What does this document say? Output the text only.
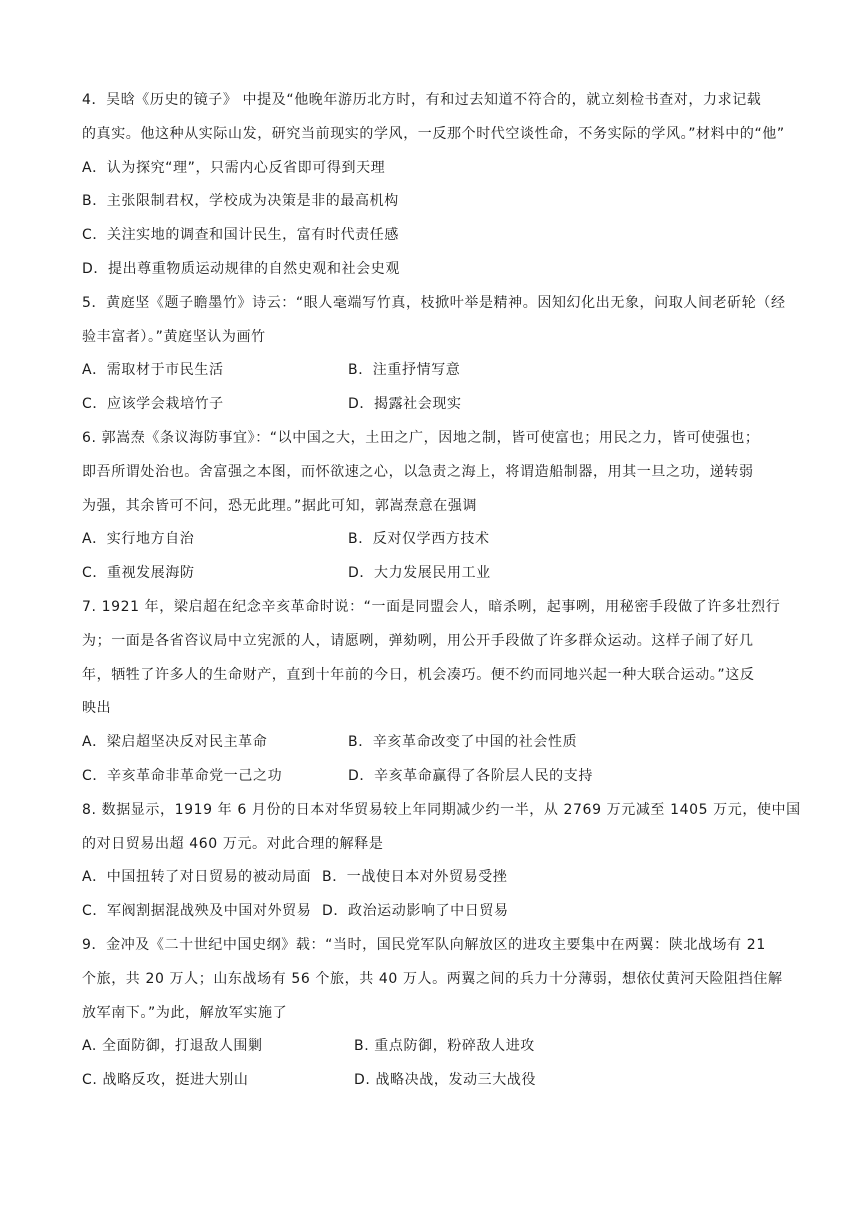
4．吴晗《历史的镜子》 中提及“他晚年游历北方时，有和过去知道不符合的，就立刻检书查对，力求记载
的真实。他这种从实际山发，研究当前现实的学风，一反那个时代空谈性命，不务实际的学风。”材料中的“他”
A．认为探究“理”，只需内心反省即可得到天理
B．主张限制君权，学校成为决策是非的最高机构
C．关注实地的调查和国计民生，富有时代责任感
D．提出尊重物质运动规律的自然史观和社会史观
5．黄庭坚《题子瞻墨竹》诗云：“眼人毫端写竹真，枝掀叶举是精神。因知幻化出无象，问取人间老斫轮（经
验丰富者）。”黄庭坚认为画竹
A．需取材于市民生活	B．注重抒情写意
C．应该学会栽培竹子	D．揭露社会现实
6. 郭嵩焘《条议海防事宜》：“以中国之大，土田之广，因地之制，皆可使富也；用民之力，皆可使强也；
即吾所谓处治也。舍富强之本图，而怀欲速之心，以急责之海上，将谓造船制器，用其一旦之功，递转弱
为强，其余皆可不问，恐无此理。”据此可知，郭嵩焘意在强调
A．实行地方自治	B．反对仅学西方技术
C．重视发展海防	D．大力发展民用工业
7. 1921 年，梁启超在纪念辛亥革命时说：“一面是同盟会人，暗杀咧，起事咧，用秘密手段做了许多壮烈行
为；一面是各省咨议局中立宪派的人，请愿咧，弹劾咧，用公开手段做了许多群众运动。这样子闹了好几
年，牺牲了许多人的生命财产，直到十年前的今日，机会凑巧。便不约而同地兴起一种大联合运动。”这反
映出
A．梁启超坚决反对民主革命	B．辛亥革命改变了中国的社会性质
C．辛亥革命非革命党一己之功	D．辛亥革命赢得了各阶层人民的支持
8. 数据显示，1919 年 6 月份的日本对华贸易较上年同期减少约一半，从 2769 万元减至 1405 万元，使中国
的对日贸易出超 460 万元。对此合理的解释是
A．中国扭转了对日贸易的被动局面 B．一战使日本对外贸易受挫
C．军阀割据混战殃及中国对外贸易 D．政治运动影响了中日贸易
9．金冲及《二十世纪中国史纲》载：“当时，国民党军队向解放区的进攻主要集中在两翼：陕北战场有 21
个旅，共 20 万人；山东战场有 56 个旅，共 40 万人。两翼之间的兵力十分薄弱，想依仗黄河天险阻挡住解
放军南下。”为此，解放军实施了
A. 全面防御，打退敌人围剿	B. 重点防御，粉碎敌人进攻
C. 战略反攻，挺进大别山	D. 战略决战，发动三大战役
